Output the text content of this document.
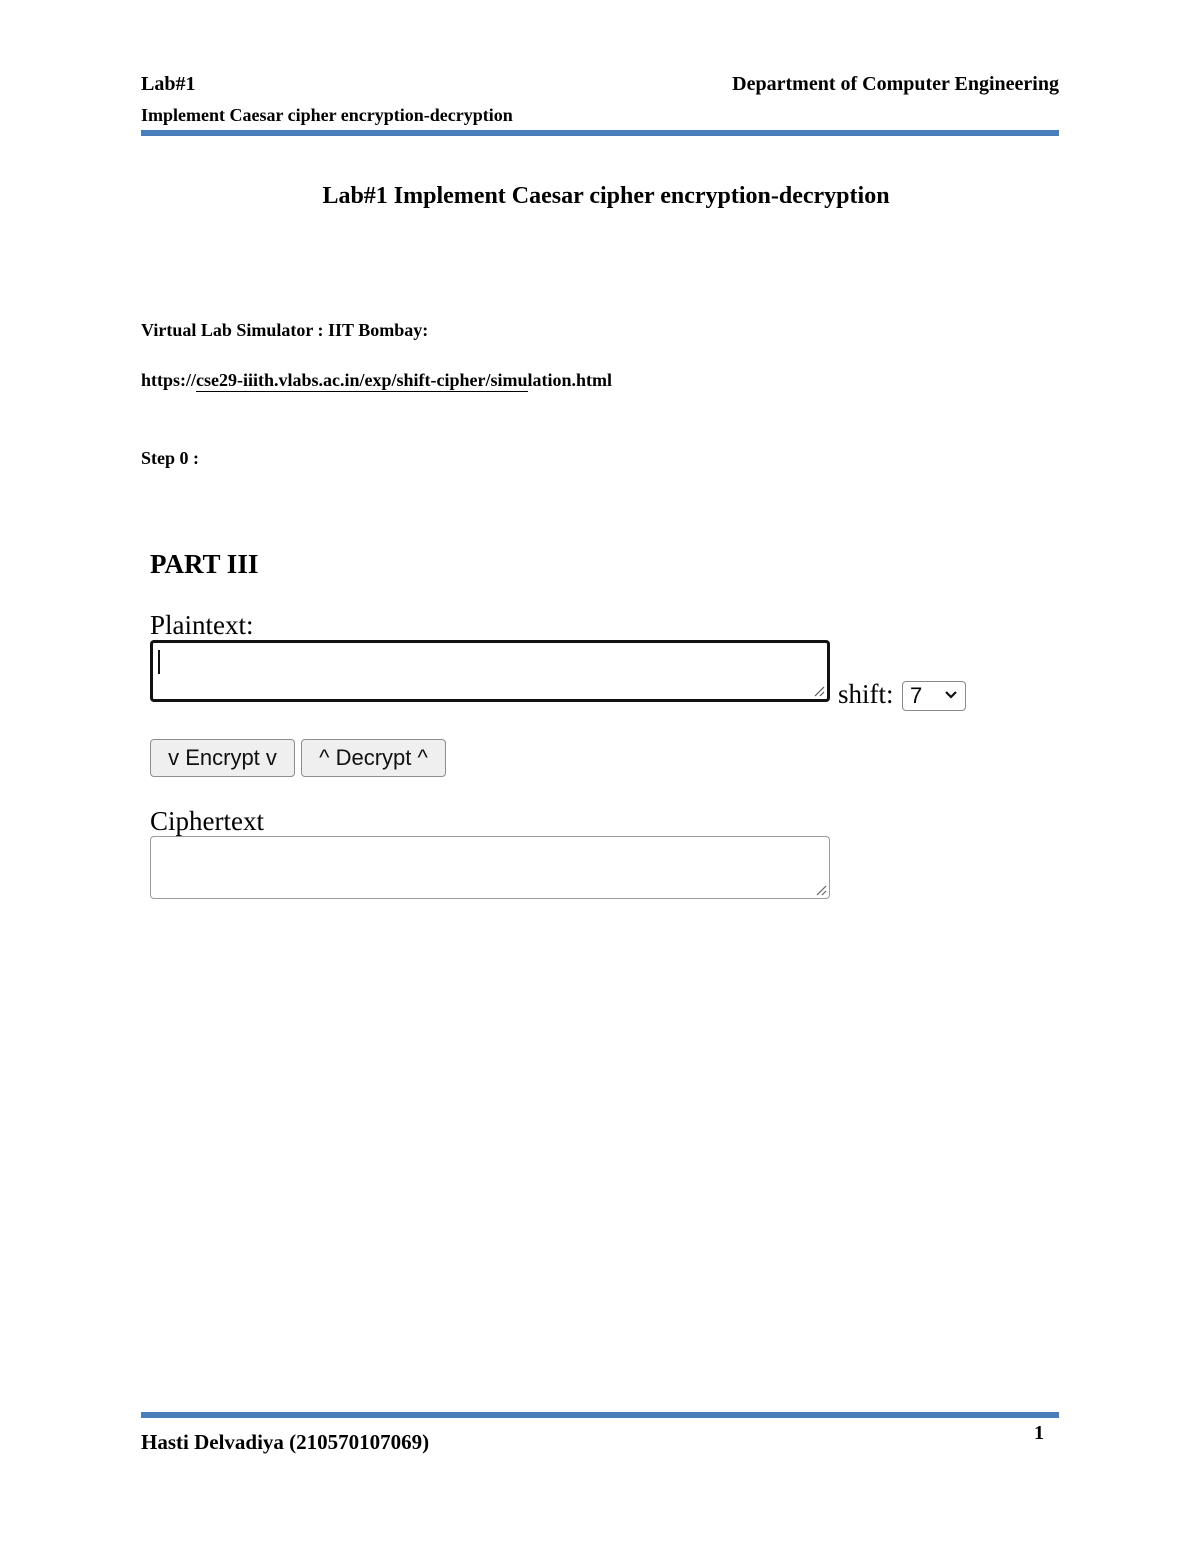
Lab#1
Implement Caesar cipher encryption-decryption
Department of Computer Engineering
Lab#1 Implement Caesar cipher encryption-decryption
Virtual Lab Simulator : IIT Bombay:
https://cse29-iiith.vlabs.ac.in/exp/shift-cipher/simulation.html
Step 0 :
PART III
Plaintext:
shift: 7
v Encrypt v	^ Decrypt ^
Ciphertext
Hasti Delvadiya (210570107069)	1
